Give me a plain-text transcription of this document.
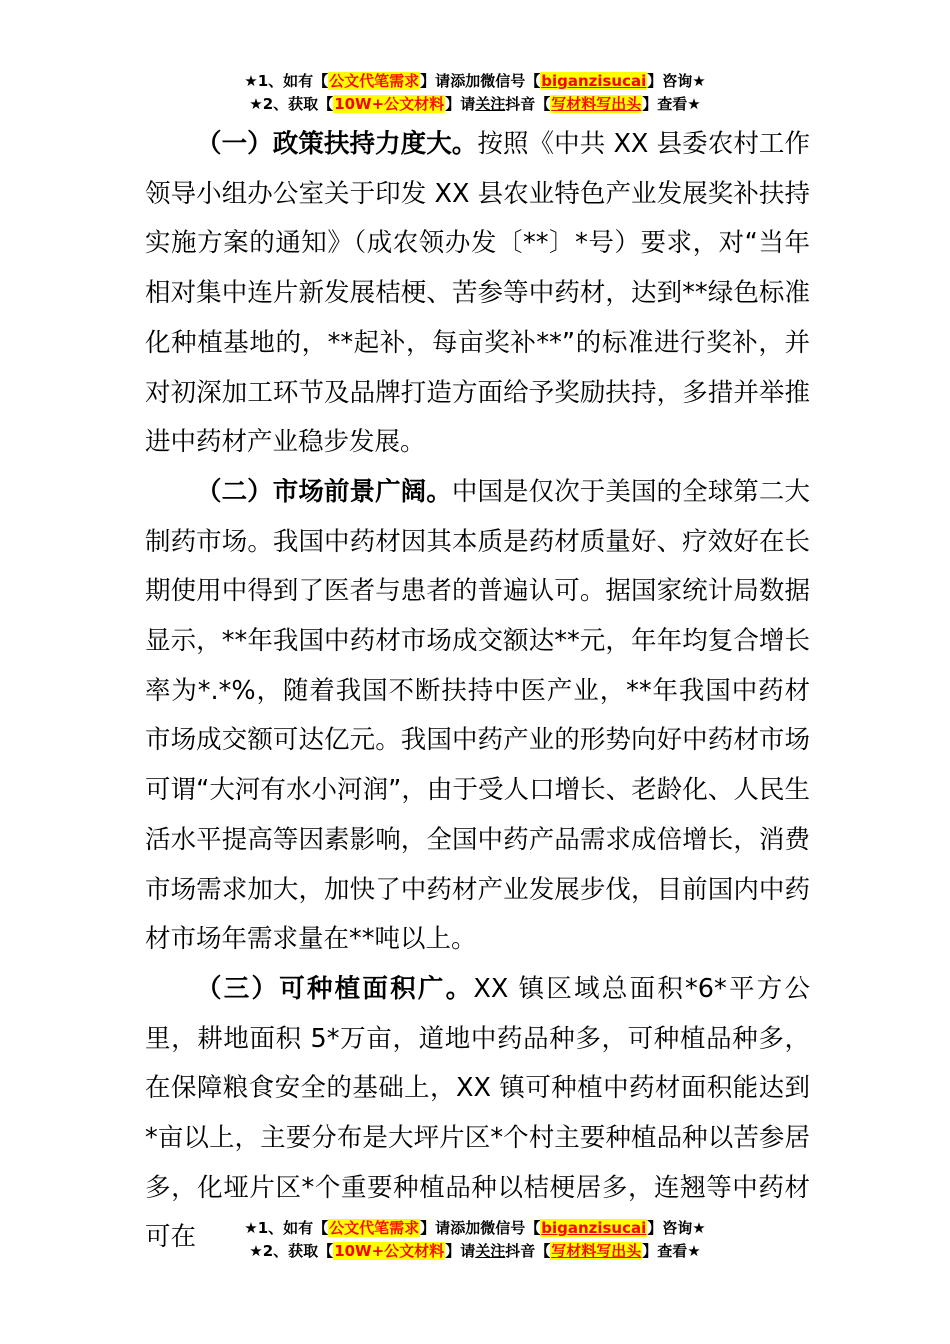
★1、如有【公文代笔需求】请添加微信号【biganzisucai】咨询★
★2、获取【10W+公文材料】请关注抖音【写材料写出头】查看★

（一）政策扶持力度大。按照《中共 XX 县委农村工作领导小组办公室关于印发 XX 县农业特色产业发展奖补扶持实施方案的通知》（成农领办发〔**〕*号）要求，对“当年相对集中连片新发展桔梗、苦参等中药材，达到**绿色标准化种植基地的，**起补，每亩奖补**”的标准进行奖补，并对初深加工环节及品牌打造方面给予奖励扶持，多措并举推进中药材产业稳步发展。

（二）市场前景广阔。中国是仅次于美国的全球第二大制药市场。我国中药材因其本质是药材质量好、疗效好在长期使用中得到了医者与患者的普遍认可。据国家统计局数据显示，**年我国中药材市场成交额达**元，年年均复合增长率为*.*%，随着我国不断扶持中医产业，**年我国中药材市场成交额可达亿元。我国中药产业的形势向好中药材市场可谓“大河有水小河润”，由于受人口增长、老龄化、人民生活水平提高等因素影响，全国中药产品需求成倍增长，消费市场需求加大，加快了中药材产业发展步伐，目前国内中药材市场年需求量在**吨以上。

（三）可种植面积广。XX 镇区域总面积*6*平方公里，耕地面积 5*万亩，道地中药品种多，可种植品种多，在保障粮食安全的基础上，XX 镇可种植中药材面积能达到*亩以上，主要分布是大坪片区*个村主要种植品种以苦参居多，化垭片区*个重要种植品种以桔梗居多，连翘等中药材可在	★1、如有【公文代笔需求】请添加微信号【biganzisucai】咨询★
★2、获取【10W+公文材料】请关注抖音【写材料写出头】查看★
